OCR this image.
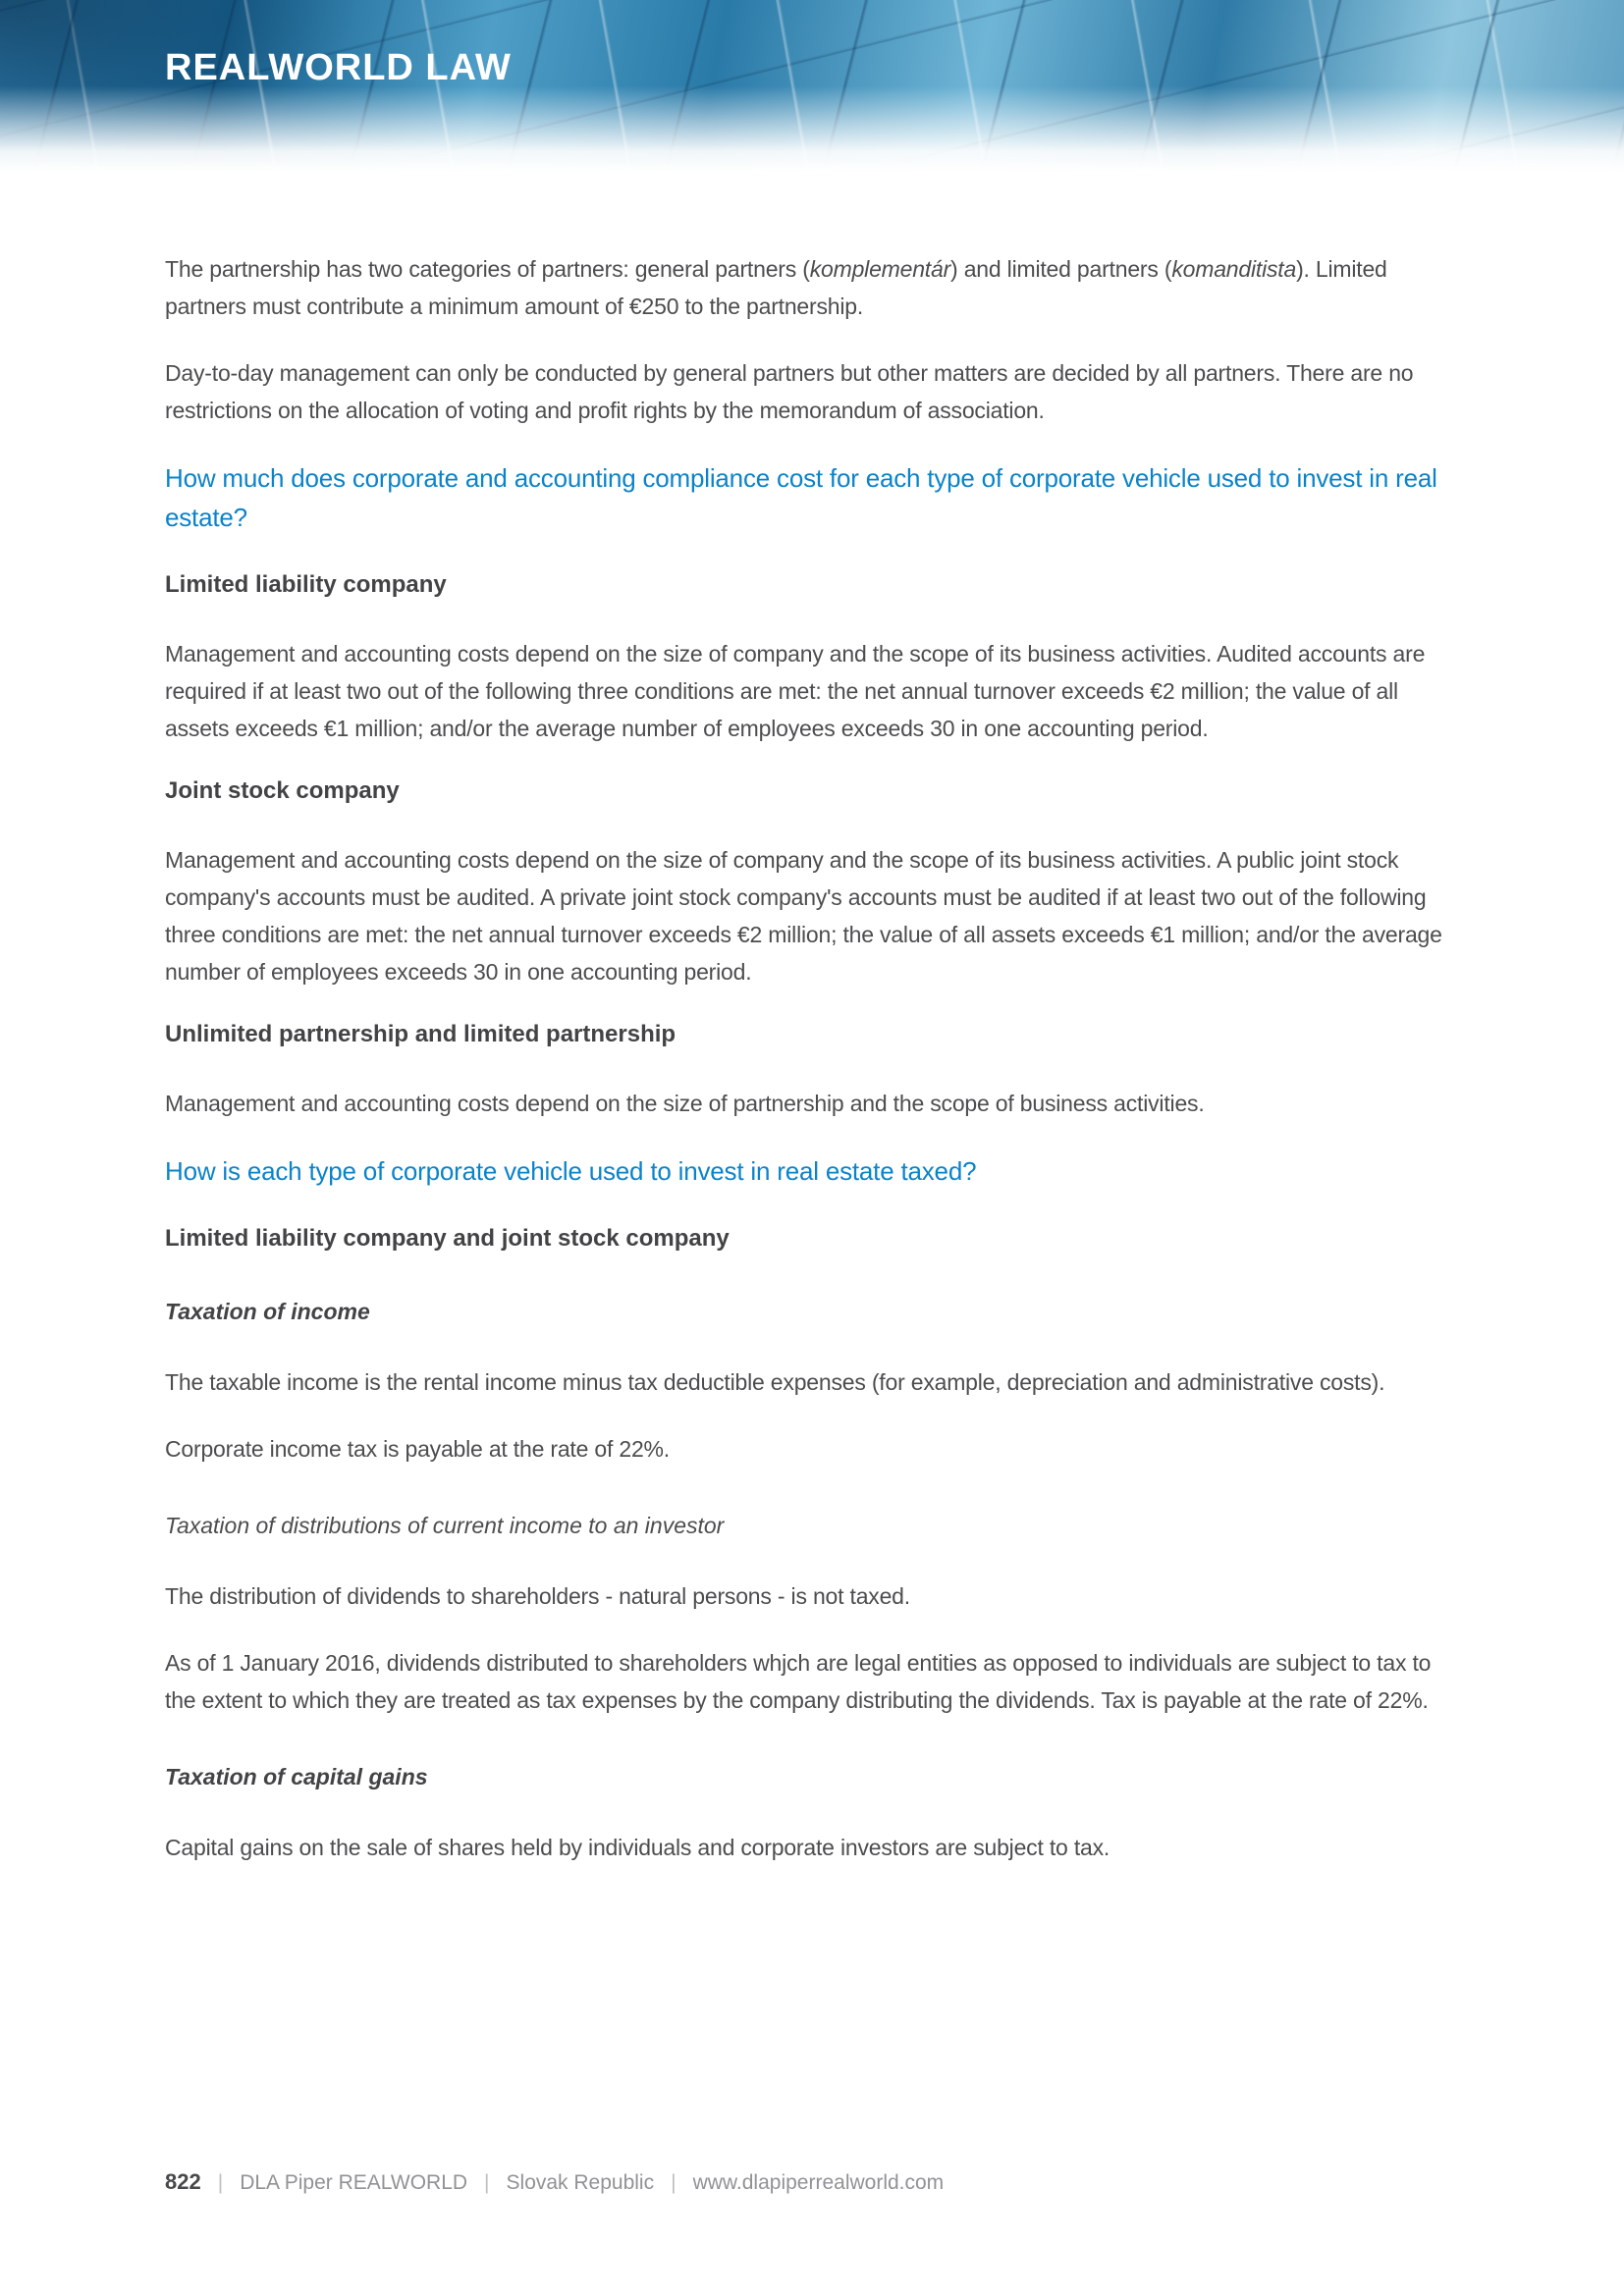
REALWORLD LAW
The partnership has two categories of partners: general partners (komplementár) and limited partners (komanditista). Limited partners must contribute a minimum amount of €250 to the partnership.
Day-to-day management can only be conducted by general partners but other matters are decided by all partners. There are no restrictions on the allocation of voting and profit rights by the memorandum of association.
How much does corporate and accounting compliance cost for each type of corporate vehicle used to invest in real estate?
Limited liability company
Management and accounting costs depend on the size of company and the scope of its business activities. Audited accounts are required if at least two out of the following three conditions are met: the net annual turnover exceeds €2 million; the value of all assets exceeds €1 million; and/or the average number of employees exceeds 30 in one accounting period.
Joint stock company
Management and accounting costs depend on the size of company and the scope of its business activities. A public joint stock company's accounts must be audited. A private joint stock company's accounts must be audited if at least two out of the following three conditions are met: the net annual turnover exceeds €2 million; the value of all assets exceeds €1 million; and/or the average number of employees exceeds 30 in one accounting period.
Unlimited partnership and limited partnership
Management and accounting costs depend on the size of partnership and the scope of business activities.
How is each type of corporate vehicle used to invest in real estate taxed?
Limited liability company and joint stock company
Taxation of income
The taxable income is the rental income minus tax deductible expenses (for example, depreciation and administrative costs).
Corporate income tax is payable at the rate of 22%.
Taxation of distributions of current income to an investor
The distribution of dividends to shareholders - natural persons - is not taxed.
As of 1 January 2016, dividends distributed to shareholders whjch are legal entities as opposed to individuals are subject to tax to the extent to which they are treated as tax expenses by the company distributing the dividends. Tax is payable at the rate of 22%.
Taxation of capital gains
Capital gains on the sale of shares held by individuals and corporate investors are subject to tax.
822 | DLA Piper REALWORLD | Slovak Republic | www.dlapiperrealworld.com
